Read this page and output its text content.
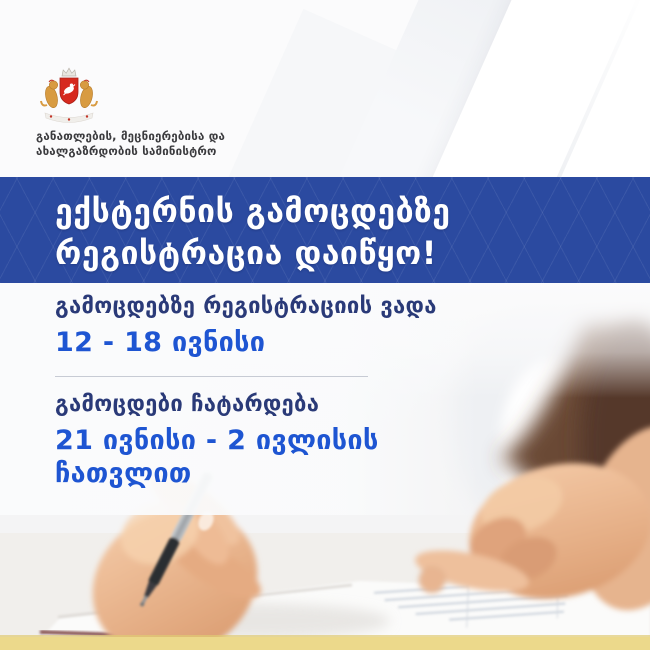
განათლების, მეცნიერებისა და
ახალგაზრდობის სამინისტრო
ექსტერნის გამოცდებზე
რეგისტრაცია დაიწყო!
გამოცდებზე რეგისტრაციის ვადა
12 - 18 ივნისი
გამოცდები ჩატარდება
21 ივნისი - 2 ივლისის
ჩათვლით
